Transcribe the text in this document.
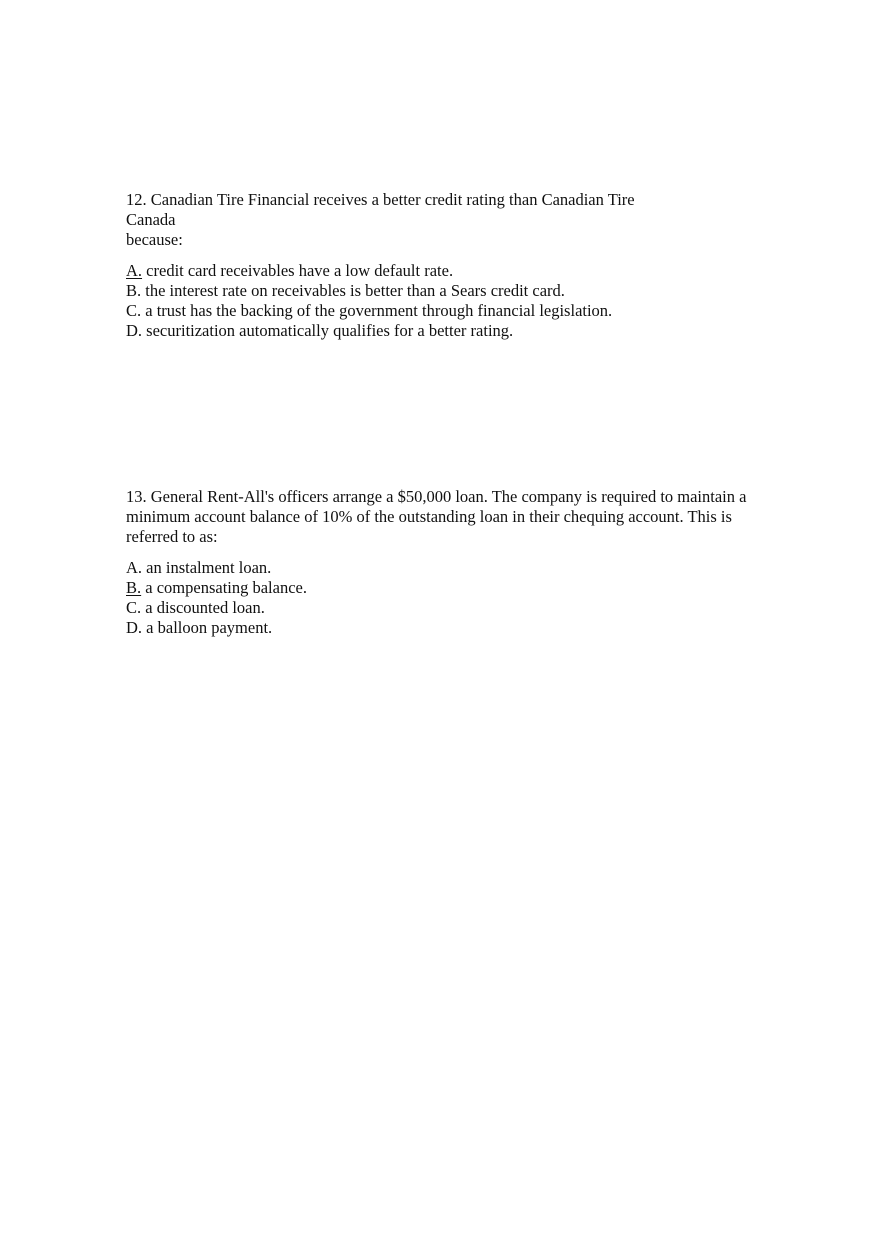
12. Canadian Tire Financial receives a better credit rating than Canadian Tire
Canada
because:

A. credit card receivables have a low default rate.
B. the interest rate on receivables is better than a Sears credit card.
C. a trust has the backing of the government through financial legislation.
D. securitization automatically qualifies for a better rating.

13. General Rent-All's officers arrange a $50,000 loan. The company is required to maintain a minimum account balance of 10% of the outstanding loan in their chequing account. This is referred to as:

A. an instalment loan.
B. a compensating balance.
C. a discounted loan.
D. a balloon payment.
